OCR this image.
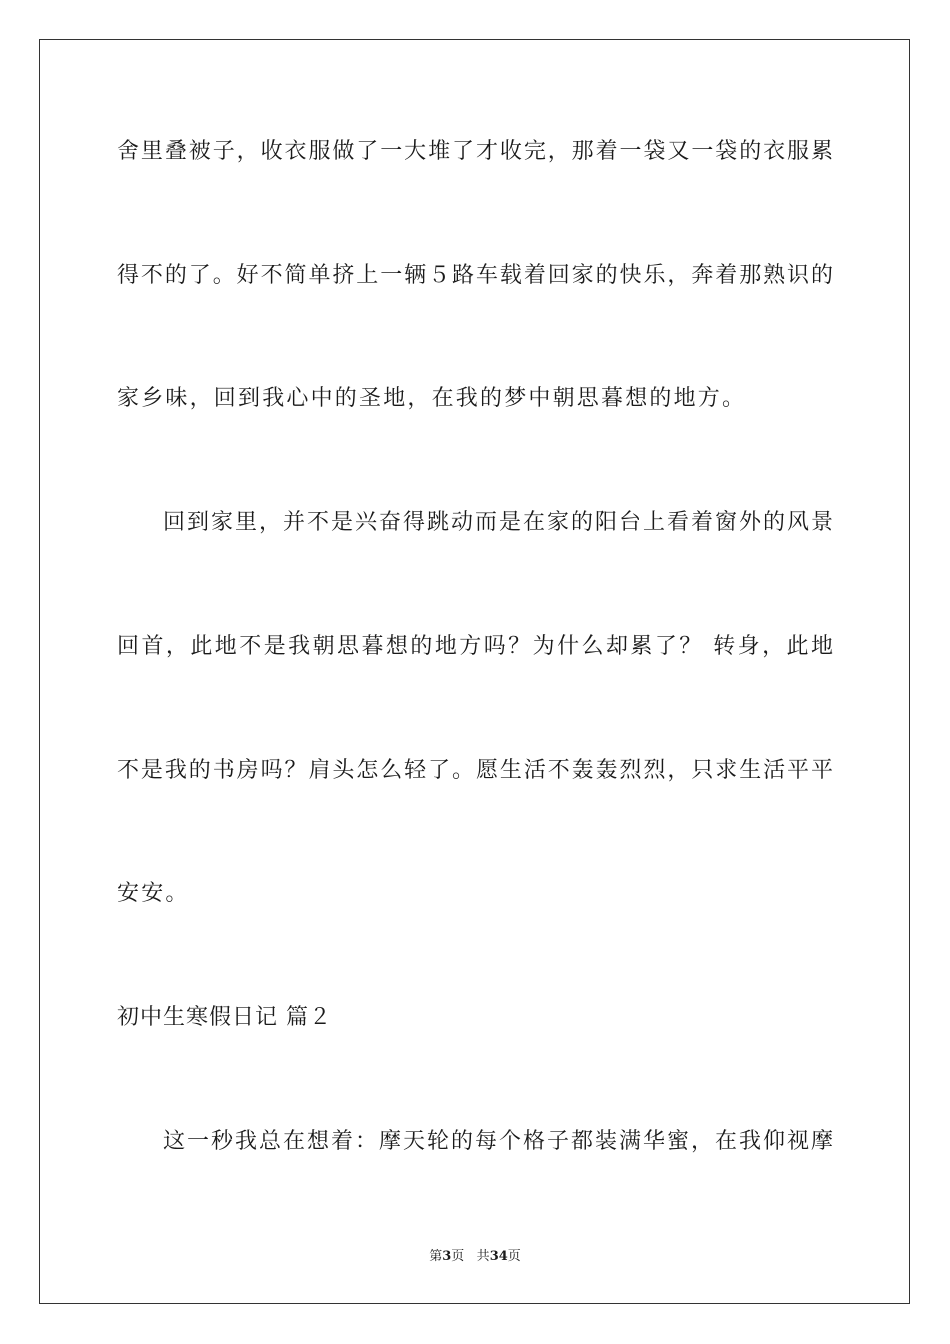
舍里叠被子，收衣服做了一大堆了才收完，那着一袋又一袋的衣服累
得不的了。好不简单挤上一辆５路车载着回家的快乐，奔着那熟识的
家乡味，回到我心中的圣地，在我的梦中朝思暮想的地方。
回到家里，并不是兴奋得跳动而是在家的阳台上看着窗外的风景
回首，此地不是我朝思暮想的地方吗？为什么却累了？ 转身，此地
不是我的书房吗？肩头怎么轻了。愿生活不轰轰烈烈，只求生活平平
安安。
初中生寒假日记 篇２
这一秒我总在想着：摩天轮的每个格子都装满华蜜，在我仰视摩
第3页 共34页
